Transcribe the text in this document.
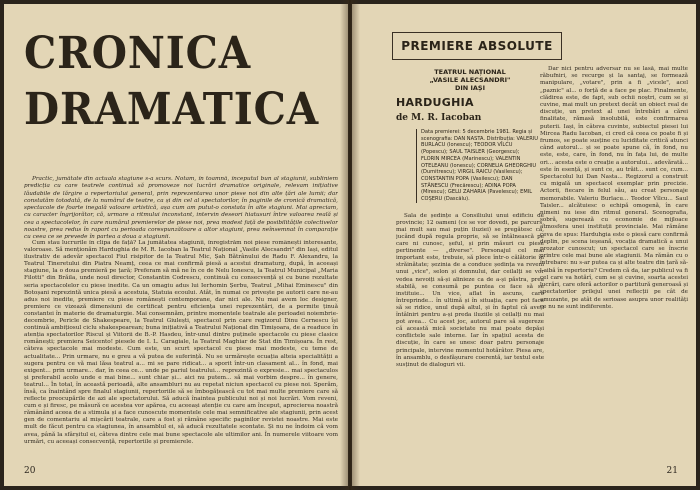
CRONICA
DRAMATICA

Practic, jumătate din actuala stagiune s-a scurs. Notam, în toamnă, începutul bun al stagiunii, subliniem predicția cu care teatrele continuă să promoveze noi lucrări dramatice originale, relevam inițiative lăudabile de lărgire a repertoriului general, prin reprezentarea unor piese noi din alte țări ale lumii; dar constatăm totodată, de la numărul de teatre, ca și din cel al spectatorilor, în paginile de cronică dramatică, spectacole de foarte inegală valoare artistică, așa cum am putut-o constata în alte stagiuni. Mai apreciam, cu caracter îngrijorător, că, urmare a ritmului inconstant, intervin deseori hiatusuri între valoarea reală și cea a spectacolelor, în care numărul premierelor de piese noi, prea modest față de posibilitățile colectivelor noastre, prea redus în raport cu perioada corespunzătoare a altor stagiuni, prea neînsemnat în comparație cu ceea ce se prevede în partea a doua a stagiunii.

Cum stau lucrurile în clipa de față? La jumătatea stagiunii, înregistrăm noi piese românești interesante, valoroase. Să menționăm Hardughia de M. R. Iacoban la Teatrul Național „Vasile Alecsandri" din Iași, editul ilustrativ de adevăr spectacol Fiul risipitor de la Teatrul Mic, Șah Bătrânului de Radu F. Alexandru, la Teatrul Tineretului din Piatra Neamț, ceea ce mai confirmă piesă a acestui dramaturg, după, în aceeași stagiune, la o doua premieră pe țară; Preferam să mă ne în ce de Nelu Ionescu, la Teatrul Municipal „Maria Filotti" din Brăila, unde noul director, Constantin Codrescu, continuă cu consecvență și cu bune rezultate seria spectacolelor cu piese inedite. Ca un omagiu adus lui Ierhomin Șerbu, Teatrul „Mihai Eminescu" din Botoșani reprezintă unica piesă a acestuia, Statuia ecoului. Atât, în numai ce privește pe autorii care ne-au adus noi inedite, premiere cu piese românești contemporane, dar nici ale. Nu mai avem loc designer, premiere ce vizează dimensiuni de certificat pentru eficiența unei reprezentări, de a permite ținuă constantei în materie de dramaturgie. Mai consemnăm, printre momentele teatrale ale perioadei noiembrie-decembrie, Pericle de Shakespeare, la Teatrul Giulești, spectacol prin care regizorul Dinu Cernescu își continuă ambițiosul ciclu shakespearean; buna inițiativă a Teatrului Național din Timișoara, de a readuce în atenția spectatorilor Riscul și Viitorii de B.-P. Hasdeu, într-unul dintre puținele spectacole cu piese clasice românești; premiera Seicento! piesele de I. L. Caragiale, la Teatrul Maghiar de Stat din Timișoara. În rest, câteva spectacole mai modeste. Cum este, un scurt spectacol cu piese mai modeste, cu teme de actualitate... Prin urmare, nu e greu a vă putea de suferință. Nu se urmărește ecuația alteia specialității a sugera pentru ce vă mai lăsa teatrul a... mi se pare ridicat... a sporit într-un clasament al... în fond, mai exigent... prin urmare... dar, în ceea ce... unde pe pariul teatrului... reprezintă o expresie... mai spectaculos și preferabil acolo unde e mai bine... sunt chiar și... aici nu putem... să mai vorbim despre... în genere, teatrul... În total, în această perioadă, alte ansambluri nu au repetat niciun spectacol cu piese noi. Sperăm, însă, ca înaintând spre finalul stagiunii, repertoriile să se îmbogățească cu tot mai multe premiere care să reflecte preocupările de azi ale spectatorului. Să aducă înaintea publicului noi și noi lucrări. Vom reveni, cum e și firesc, pe măsură ce acestea vor apărea, cu aceeași atenție cu care am început, aprecierea noastră rămânând aceea de a stimula și a face cunoscute momentele cele mai semnificative ale stagiunii, prin acest gen de comentariu al mișcării teatrale, care a fost și rămâne specific paginilor revistei noastre. Mai este mult de făcut pentru ca stagiunea, în ansamblul ei, să aducă rezultatele scontate. Și nu ne îndoim că vom avea, până la sfârșitul ei, câteva dintre cele mai bune spectacole ale ultimilor ani. În numerele viitoare vom urmări, cu aceeași consecvență, repertoriile și premierele.

20
PREMIERE ABSOLUTE
TEATRUL NAȚIONAL
„VASILE ALECSANDRI"
DIN IAȘI
HARDUGHIA
de M. R. Iacoban
Data premierei: 5 decembrie 1981. Regia și scenografia: DAN NASTA. Distribuția: VALERIU BURLACU (Ionescu); TEODOR VÎLCU (Popescu); SAUL TAISLER (Georgescu); FLORIN MIRCEA (Marinescu); VALENTIN OTELEANU (Ionescu); CORNELIA GHEORGHIU (Dumitrescu); VIRGIL RAICU (Vasilescu); CONSTANTIN POPA (Vasilescu); DAN STĂNESCU (Frecărescu); ADINA POPA (Mirescu); GELU ZAHARIA (Pavelescu); EMIL COȘERU (Dascălu).

Sala de ședințe a Consiliului unui edificiu de provincie; 12 oameni (ce se vor dovedi, pe parcurs, mai mult sau mai puțin iluziei) se pregătesc ca, jucând după regula proprie, să se întâlnească pe care ni cunosc, șeful, și prin măsuri cu piese pertinente — „diverse". Personajul cel mai important este, trebuie, să plece într-o călătorie în străinătate; șezinia de a conduce ședința va reveni unui „vice", selon și domnului, dar ceilalți se vor vedea nevoiți să-și alinieze ca de a-și păstra, prea stabilă, se consumă pe puntea ce face să se instituie... Un vice, aflat în ascuns, care întreprinde... în ultimă și în situația, care pot face să se ridice, unul după altul, și în faptul că aveți întâlniri pentru a-și preda iluziile și ceilalți nu mai pot avea... Cu acest joc, autorul pare să sugereze că această mică societate nu mai poate depăși conflictele sale interne. Iar în spațiul acesta de discuție, în care se unesc doar patru personaje principale, intervine momentul hotărâtor. Piesa are, în ansamblu, o desfășurare coerentă, iar textul este susținut de dialoguri vii.

Dar nici pentru adversar nu se lasă, mai multe răbufniri, se recurge și la santaj, se formează manipulare, „votare", prin a fi „vicele", acel „paznic" al... o forță de a face pe plac. Finalmente, clădirea este, de fapt, sub ochii noștri, cum se și cuvine, mai mult un pretext decât un obiect real de discuție, un pretext al unei întrebări a cărei finalitate, rămasă insolubilă, este confirmarea puterii. Iași, în câteva cuvinte, subiectul piesei lui Mircea Radu Iacoban, ci cred că ceea ce poate fi și frumos, se poate susține cu luciditate critică atunci când autorul... și se poate spune că, în fond, nu este, este, care, în fond, nu în fața lui, de multe ori... acesta este o creație a autorului... adevărată... este în esență, și sunt ce, au trăit... sunt ce, cum... Spectacolul lui Dan Nasta... Regizorul a construit cu migală un spectacol exemplar prin precizie. Actorii, fiecare în felul său, au creat personaje memorabile. Valeriu Burlacu... Teodor Vîlcu... Saul Taisler... alcătuiesc o echipă omogenă, în care nimeni nu iese din ritmul general. Scenografia, sobră, sugerează cu economie de mijloace atmosfera unei instituții provinciale. Mai rămâne ceva de spus: Harduhgia este o piesă care confirmă deplin, pe scena ieșeană, vocația dramatică a unui prozator cunoscut; un spectacol care se înscrie printre cele mai bune ale stagiunii. Ma rămân cu o întrebare: nu s-ar putea ca și alte teatre din țară să-l aibă în repertoriu? Credem că da, iar publicul va fi cel care va hotărî, cum se și cuvine, soarta acestei lucrări, care oferă actorilor o partitură generoasă și spectatorilor prilejul unei reflecții pe cât de amuzante, pe atât de serioase asupra unor realități ce nu ne sunt indiferente.

21
